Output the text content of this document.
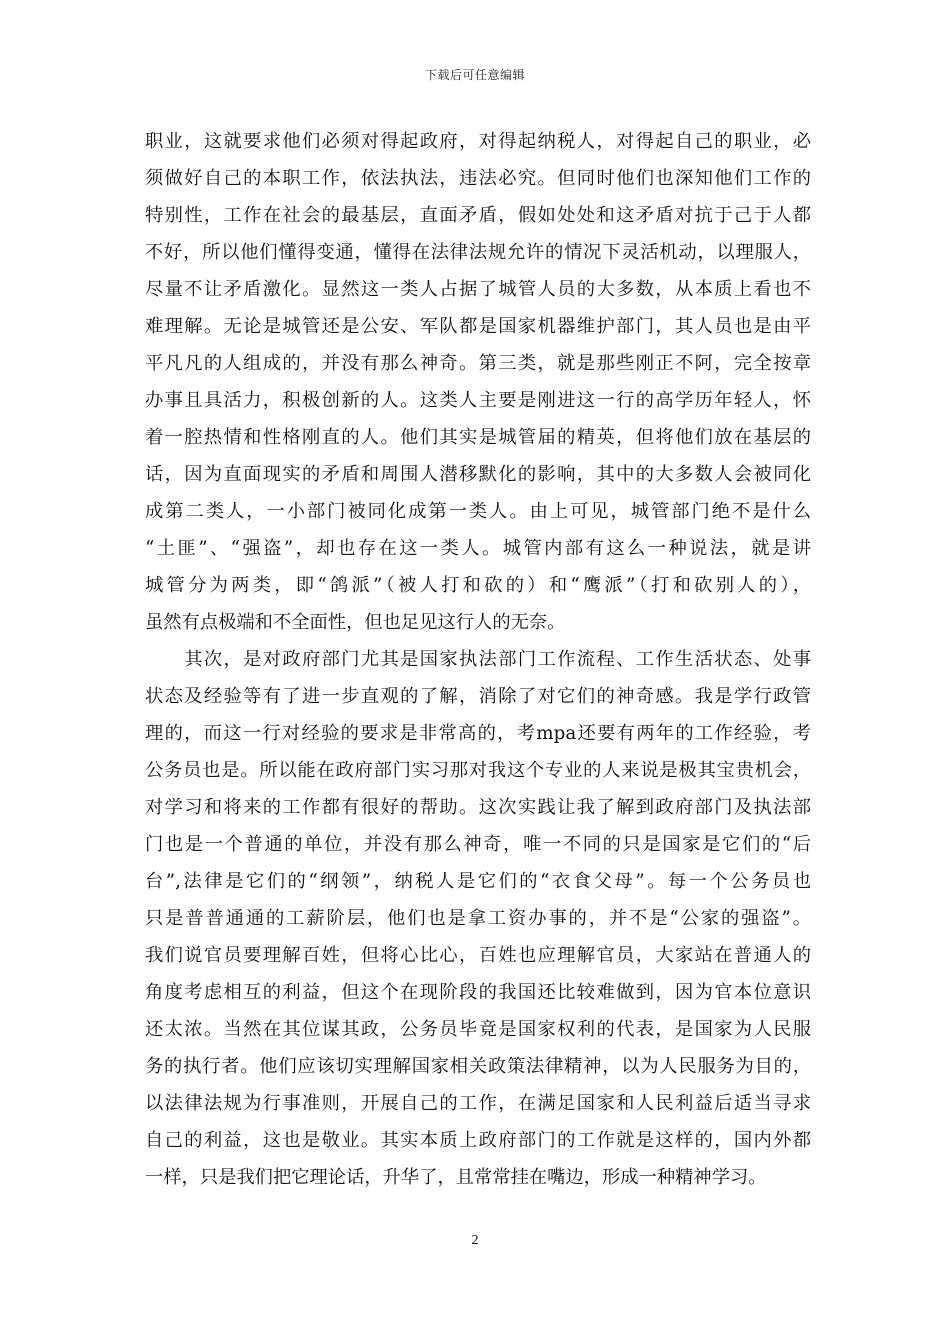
下载后可任意编辑

职业，这就要求他们必须对得起政府，对得起纳税人，对得起自己的职业，必
须做好自己的本职工作，依法执法，违法必究。但同时他们也深知他们工作的
特别性，工作在社会的最基层，直面矛盾，假如处处和这矛盾对抗于己于人都
不好，所以他们懂得变通，懂得在法律法规允许的情况下灵活机动，以理服人，
尽量不让矛盾激化。显然这一类人占据了城管人员的大多数，从本质上看也不
难理解。无论是城管还是公安、军队都是国家机器维护部门，其人员也是由平
平凡凡的人组成的，并没有那么神奇。第三类，就是那些刚正不阿，完全按章
办事且具活力，积极创新的人。这类人主要是刚进这一行的高学历年轻人，怀
着一腔热情和性格刚直的人。他们其实是城管届的精英，但将他们放在基层的
话，因为直面现实的矛盾和周围人潜移默化的影响，其中的大多数人会被同化
成第二类人，一小部门被同化成第一类人。由上可见，城管部门绝不是什么
“土匪”、“强盗”，却也存在这一类人。城管内部有这么一种说法，就是讲
城管分为两类，即“鸽派”（被人打和砍的）和“鹰派”（打和砍别人的），
虽然有点极端和不全面性，但也足见这行人的无奈。

　　其次，是对政府部门尤其是国家执法部门工作流程、工作生活状态、处事
状态及经验等有了进一步直观的了解，消除了对它们的神奇感。我是学行政管
理的，而这一行对经验的要求是非常高的，考mpa还要有两年的工作经验，考
公务员也是。所以能在政府部门实习那对我这个专业的人来说是极其宝贵机会，
对学习和将来的工作都有很好的帮助。这次实践让我了解到政府部门及执法部
门也是一个普通的单位，并没有那么神奇，唯一不同的只是国家是它们的“后
台”,法律是它们的“纲领”，纳税人是它们的“衣食父母”。每一个公务员也
只是普普通通的工薪阶层，他们也是拿工资办事的，并不是“公家的强盗”。
我们说官员要理解百姓，但将心比心，百姓也应理解官员，大家站在普通人的
角度考虑相互的利益，但这个在现阶段的我国还比较难做到，因为官本位意识
还太浓。当然在其位谋其政，公务员毕竟是国家权利的代表，是国家为人民服
务的执行者。他们应该切实理解国家相关政策法律精神，以为人民服务为目的，
以法律法规为行事准则，开展自己的工作，在满足国家和人民利益后适当寻求
自己的利益，这也是敬业。其实本质上政府部门的工作就是这样的，国内外都
一样，只是我们把它理论话，升华了，且常常挂在嘴边，形成一种精神学习。

2
